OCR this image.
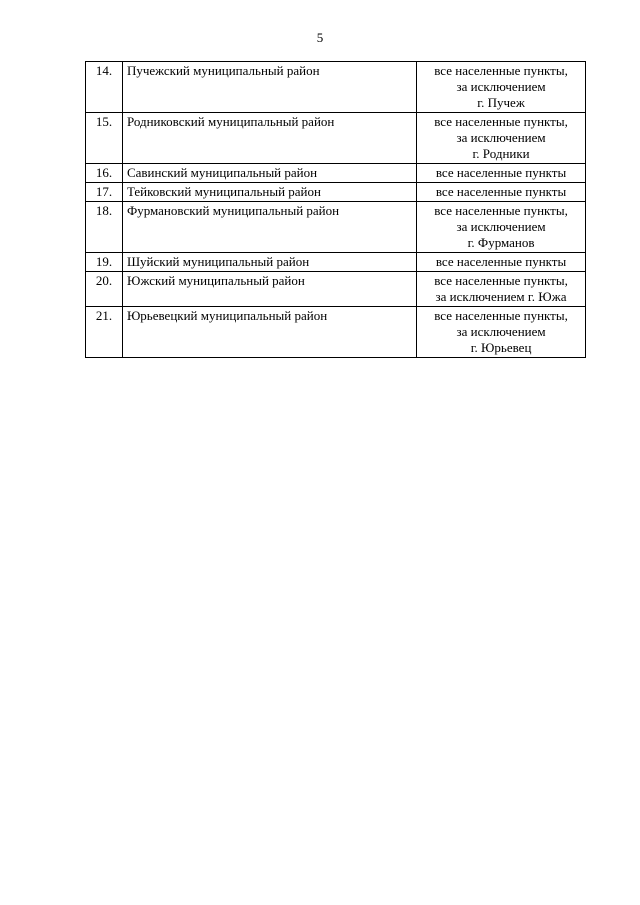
5
14.	Пучежский муниципальный район	все населенные пункты,
за исключением
г. Пучеж

15.	Родниковский муниципальный район	все населенные пункты,
за исключением
г. Родники

16.	Савинский муниципальный район	все населенные пункты

17.	Тейковский муниципальный район	все населенные пункты

18.	Фурмановский муниципальный район	все населенные пункты,
за исключением
г. Фурманов

19.	Шуйский муниципальный район	все населенные пункты

20.	Южский муниципальный район	все населенные пункты,
за исключением г. Южа

21.	Юрьевецкий муниципальный район	все населенные пункты,
за исключением
г. Юрьевец
